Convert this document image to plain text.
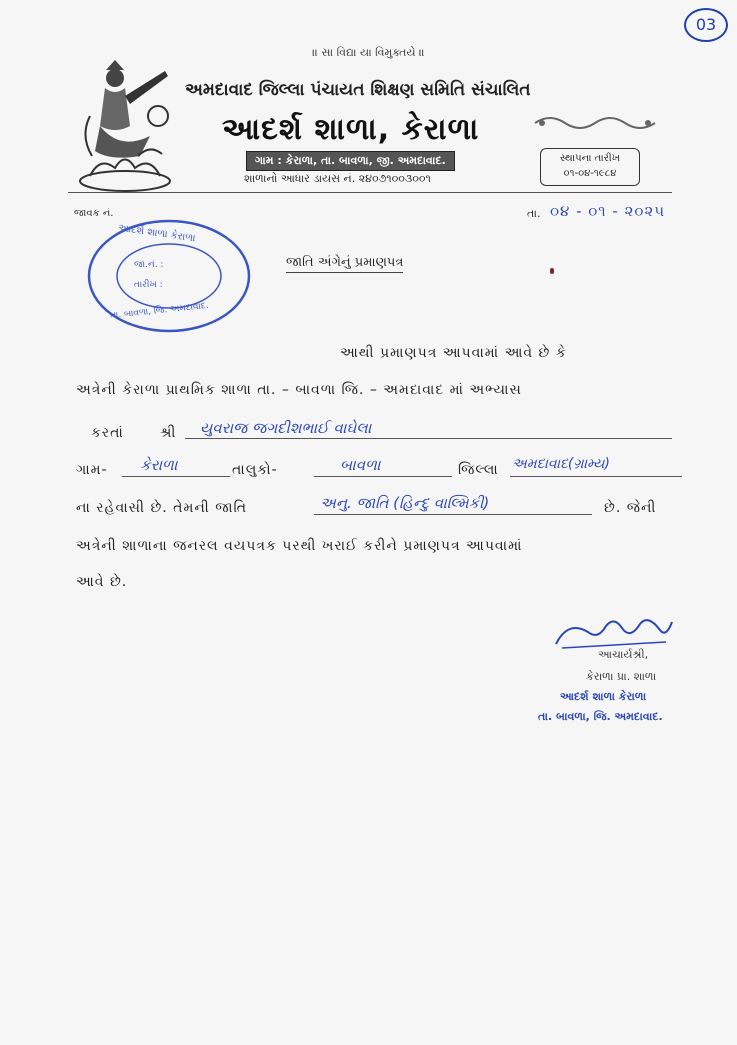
03
॥ સા વિદ્યા યા વિમુક્તયે ॥
અમદાવાદ જિલ્લા પંચાયત શિક્ષણ સમિતિ સંચાલિત
આદર્શ શાળા, કેરાળા
ગામ : કેરાળા, તા. બાવળા, જી. અમદાવાદ.	સ્થાપના તારીખ
૦૧-૦૪-૧૯૮૪
શાળાનો આધાર ડાયસ નં. ૨૪૦૭૧૦૦૩૦૦૧
જાવક નં.	તા. ૦૪ - ૦૧ - ૨૦૨૫
આદર્શ શાળા કેરાળા
જા.નં. :
તારીખ :
તા. બાવળા, જિ. અમદાવાદ.
જાતિ અંગેનું પ્રમાણપત્ર
આથી પ્રમાણપત્ર આપવામાં આવે છે કે
અત્રેની કેરાળા પ્રાથમિક શાળા તા. – બાવળા જિ. – અમદાવાદ માં અભ્યાસ
કરતાં	શ્રી યુવરાજ જગદીશભાઈ વાઘેલા
ગામ- કેરાળા	તાલુકો-	બાવળા	જિલ્લા અમદાવાદ(ગ્રામ્ય)
ના રહેવાસી છે. તેમની જાતિ	અનુ. જાતિ (હિન્દુ વાલ્મિકી)	છે. જેની
અત્રેની શાળાના જનરલ વયપત્રક પરથી ખરાઈ કરીને પ્રમાણપત્ર આપવામાં
આવે છે.
આચાર્યશ્રી,
કેરાળા પ્રા. શાળા
આદર્શ શાળા કેરાળા
તા. બાવળા, જિ. અમદાવાદ.
